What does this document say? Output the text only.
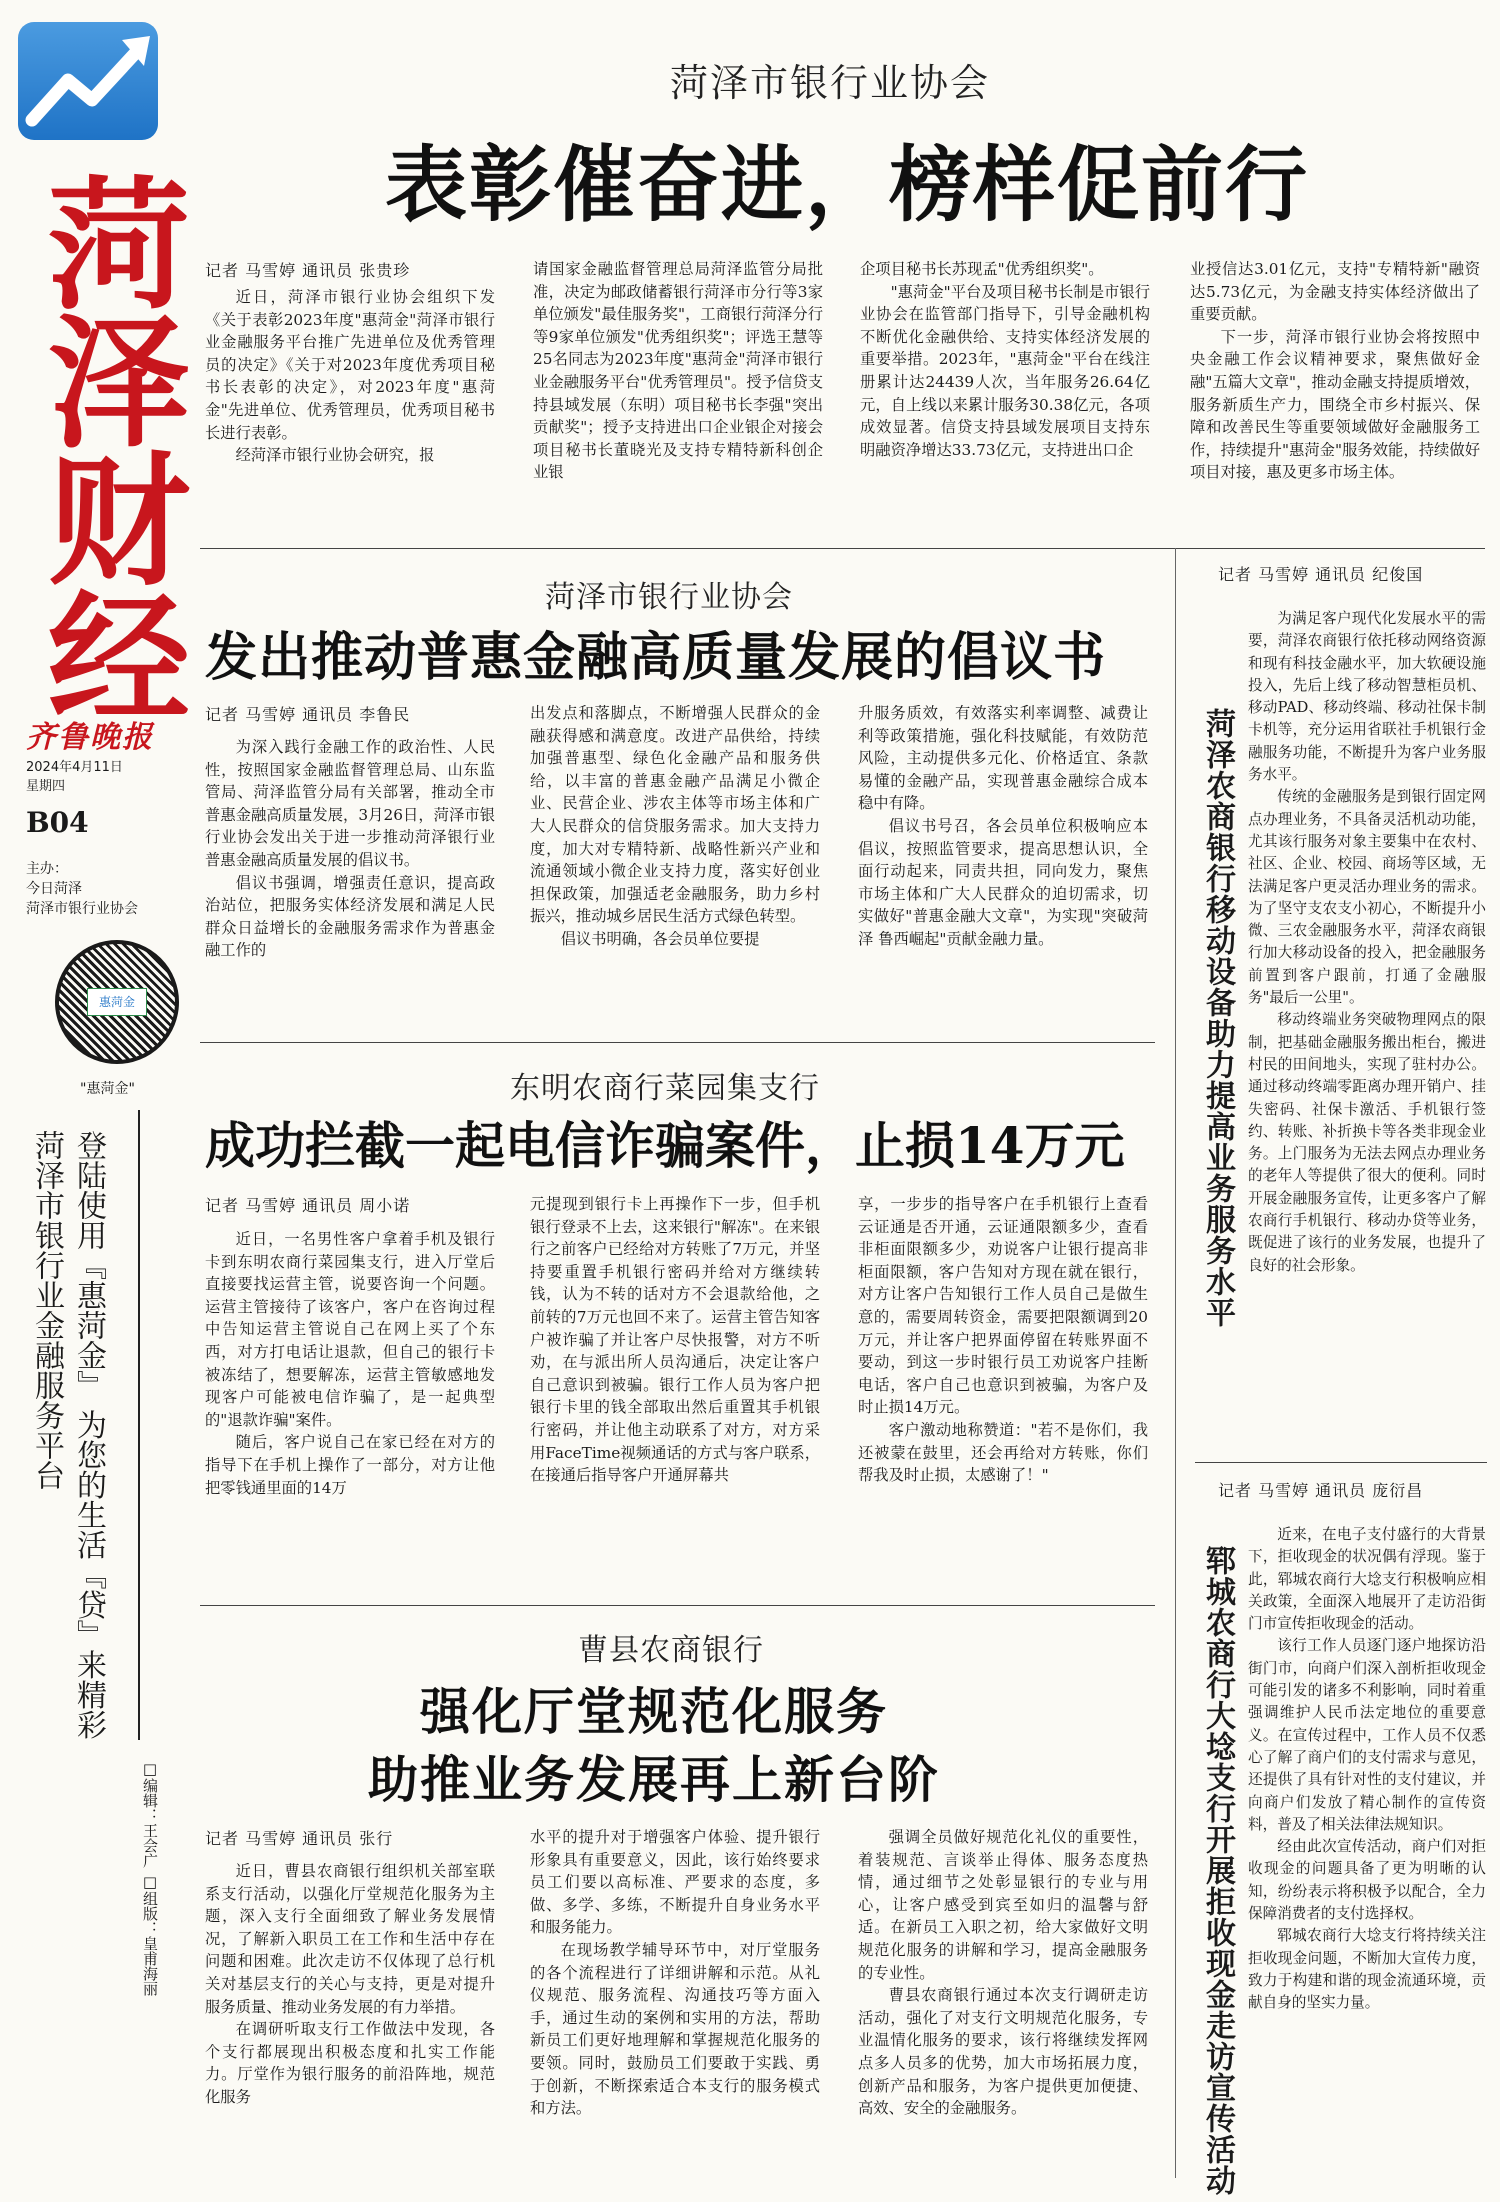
菏泽财经
齐鲁晚报
2024年4月11日
星期四
B04
主办：
今日菏泽
菏泽市银行业协会
惠菏金
"惠菏金"
菏泽市银行业金融服务平台 登陆使用『惠菏金』 为您的生活『贷』来精彩
□编辑：王会广 □组版：皇甫海丽
菏泽市银行业协会
表彰催奋进，榜样促前行
记者 马雪婷 通讯员 张贵珍

近日，菏泽市银行业协会组织下发《关于表彰2023年度"惠菏金"菏泽市银行业金融服务平台推广先进单位及优秀管理员的决定》《关于对2023年度优秀项目秘书长表彰的决定》，对2023年度"惠菏金"先进单位、优秀管理员，优秀项目秘书长进行表彰。

经菏泽市银行业协会研究，报

请国家金融监督管理总局菏泽监管分局批准，决定为邮政储蓄银行菏泽市分行等3家单位颁发"最佳服务奖"，工商银行菏泽分行等9家单位颁发"优秀组织奖"；评选王慧等25名同志为2023年度"惠菏金"菏泽市银行业金融服务平台"优秀管理员"。授予信贷支持县域发展（东明）项目秘书长李强"突出贡献奖"；授予支持进出口企业银企对接会项目秘书长董晓光及支持专精特新科创企业银

企项目秘书长苏现孟"优秀组织奖"。

"惠菏金"平台及项目秘书长制是市银行业协会在监管部门指导下，引导金融机构不断优化金融供给、支持实体经济发展的重要举措。2023年，"惠菏金"平台在线注册累计达24439人次，当年服务26.64亿元，自上线以来累计服务30.38亿元，各项成效显著。信贷支持县域发展项目支持东明融资净增达33.73亿元，支持进出口企

业授信达3.01亿元，支持"专精特新"融资达5.73亿元，为金融支持实体经济做出了重要贡献。

下一步，菏泽市银行业协会将按照中央金融工作会议精神要求，聚焦做好金融"五篇大文章"，推动金融支持提质增效，服务新质生产力，围绕全市乡村振兴、保障和改善民生等重要领域做好金融服务工作，持续提升"惠菏金"服务效能，持续做好项目对接，惠及更多市场主体。

菏泽市银行业协会
发出推动普惠金融高质量发展的倡议书
记者 马雪婷 通讯员 李鲁民

为深入践行金融工作的政治性、人民性，按照国家金融监督管理总局、山东监管局、菏泽监管分局有关部署，推动全市普惠金融高质量发展，3月26日，菏泽市银行业协会发出关于进一步推动菏泽银行业普惠金融高质量发展的倡议书。

倡议书强调，增强责任意识，提高政治站位，把服务实体经济发展和满足人民群众日益增长的金融服务需求作为普惠金融工作的

出发点和落脚点，不断增强人民群众的金融获得感和满意度。改进产品供给，持续加强普惠型、绿色化金融产品和服务供给，以丰富的普惠金融产品满足小微企业、民营企业、涉农主体等市场主体和广大人民群众的信贷服务需求。加大支持力度，加大对专精特新、战略性新兴产业和流通领域小微企业支持力度，落实好创业担保政策，加强适老金融服务，助力乡村振兴，推动城乡居民生活方式绿色转型。

倡议书明确，各会员单位要提

升服务质效，有效落实利率调整、减费让利等政策措施，强化科技赋能，有效防范风险，主动提供多元化、价格适宜、条款易懂的金融产品，实现普惠金融综合成本稳中有降。

倡议书号召，各会员单位积极响应本倡议，按照监管要求，提高思想认识，全面行动起来，同责共担，同向发力，聚焦市场主体和广大人民群众的迫切需求，切实做好"普惠金融大文章"，为实现"突破菏泽 鲁西崛起"贡献金融力量。

东明农商行菜园集支行
成功拦截一起电信诈骗案件，止损14万元
记者 马雪婷 通讯员 周小诺

近日，一名男性客户拿着手机及银行卡到东明农商行菜园集支行，进入厅堂后直接要找运营主管，说要咨询一个问题。运营主管接待了该客户，客户在咨询过程中告知运营主管说自己在网上买了个东西，对方打电话让退款，但自己的银行卡被冻结了，想要解冻，运营主管敏感地发现客户可能被电信诈骗了，是一起典型的"退款诈骗"案件。

随后，客户说自己在家已经在对方的指导下在手机上操作了一部分，对方让他把零钱通里面的14万

元提现到银行卡上再操作下一步，但手机银行登录不上去，这来银行"解冻"。在来银行之前客户已经给对方转账了7万元，并坚持要重置手机银行密码并给对方继续转钱，认为不转的话对方不会退款给他，之前转的7万元也回不来了。运营主管告知客户被诈骗了并让客户尽快报警，对方不听劝，在与派出所人员沟通后，决定让客户自己意识到被骗。银行工作人员为客户把银行卡里的钱全部取出然后重置其手机银行密码，并让他主动联系了对方，对方采用FaceTime视频通话的方式与客户联系，在接通后指导客户开通屏幕共

享，一步步的指导客户在手机银行上查看云证通是否开通，云证通限额多少，查看非柜面限额多少，劝说客户让银行提高非柜面限额，客户告知对方现在就在银行，对方让客户告知银行工作人员自己是做生意的，需要周转资金，需要把限额调到20万元，并让客户把界面停留在转账界面不要动，到这一步时银行员工劝说客户挂断电话，客户自己也意识到被骗，为客户及时止损14万元。

客户激动地称赞道："若不是你们，我还被蒙在鼓里，还会再给对方转账，你们帮我及时止损，太感谢了！"

曹县农商银行
强化厅堂规范化服务
助推业务发展再上新台阶
记者 马雪婷 通讯员 张行

近日，曹县农商银行组织机关部室联系支行活动，以强化厅堂规范化服务为主题，深入支行全面细致了解业务发展情况，了解新入职员工在工作和生活中存在问题和困难。此次走访不仅体现了总行机关对基层支行的关心与支持，更是对提升服务质量、推动业务发展的有力举措。

在调研听取支行工作做法中发现，各个支行都展现出积极态度和扎实工作能力。厅堂作为银行服务的前沿阵地，规范化服务

水平的提升对于增强客户体验、提升银行形象具有重要意义，因此，该行始终要求员工们要以高标准、严要求的态度，多做、多学、多练，不断提升自身业务水平和服务能力。

在现场教学辅导环节中，对厅堂服务的各个流程进行了详细讲解和示范。从礼仪规范、服务流程、沟通技巧等方面入手，通过生动的案例和实用的方法，帮助新员工们更好地理解和掌握规范化服务的要领。同时，鼓励员工们要敢于实践、勇于创新，不断探索适合本支行的服务模式和方法。

强调全员做好规范化礼仪的重要性，着装规范、言谈举止得体、服务态度热情，通过细节之处彰显银行的专业与用心，让客户感受到宾至如归的温馨与舒适。在新员工入职之初，给大家做好文明规范化服务的讲解和学习，提高金融服务的专业性。

曹县农商银行通过本次支行调研走访活动，强化了对支行文明规范化服务，专业温情化服务的要求，该行将继续发挥网点多人员多的优势，加大市场拓展力度，创新产品和服务，为客户提供更加便捷、高效、安全的金融服务。

记者 马雪婷 通讯员 纪俊国
菏泽农商银行移动设备助力提高业务服务水平

为满足客户现代化发展水平的需要，菏泽农商银行依托移动网络资源和现有科技金融水平，加大软硬设施投入，先后上线了移动智慧柜员机、移动PAD、移动终端、移动社保卡制卡机等，充分运用省联社手机银行金融服务功能，不断提升为客户业务服务水平。

传统的金融服务是到银行固定网点办理业务，不具备灵活机动功能，尤其该行服务对象主要集中在农村、社区、企业、校园、商场等区域，无法满足客户更灵活办理业务的需求。为了坚守支农支小初心，不断提升小微、三农金融服务水平，菏泽农商银行加大移动设备的投入，把金融服务前置到客户跟前，打通了金融服务"最后一公里"。

移动终端业务突破物理网点的限制，把基础金融服务搬出柜台，搬进村民的田间地头，实现了驻村办公。通过移动终端零距离办理开销户、挂失密码、社保卡激活、手机银行签约、转账、补折换卡等各类非现金业务。上门服务为无法去网点办理业务的老年人等提供了很大的便利。同时开展金融服务宣传，让更多客户了解农商行手机银行、移动办贷等业务，既促进了该行的业务发展，也提升了良好的社会形象。

记者 马雪婷 通讯员 庞衍昌
郓城农商行大埝支行开展拒收现金走访宣传活动

近来，在电子支付盛行的大背景下，拒收现金的状况偶有浮现。鉴于此，郓城农商行大埝支行积极响应相关政策，全面深入地展开了走访沿街门市宣传拒收现金的活动。

该行工作人员逐门逐户地探访沿街门市，向商户们深入剖析拒收现金可能引发的诸多不利影响，同时着重强调维护人民币法定地位的重要意义。在宣传过程中，工作人员不仅悉心了解了商户们的支付需求与意见，还提供了具有针对性的支付建议，并向商户们发放了精心制作的宣传资料，普及了相关法律法规知识。

经由此次宣传活动，商户们对拒收现金的问题具备了更为明晰的认知，纷纷表示将积极予以配合，全力保障消费者的支付选择权。

郓城农商行大埝支行将持续关注拒收现金问题，不断加大宣传力度，致力于构建和谐的现金流通环境，贡献自身的坚实力量。
